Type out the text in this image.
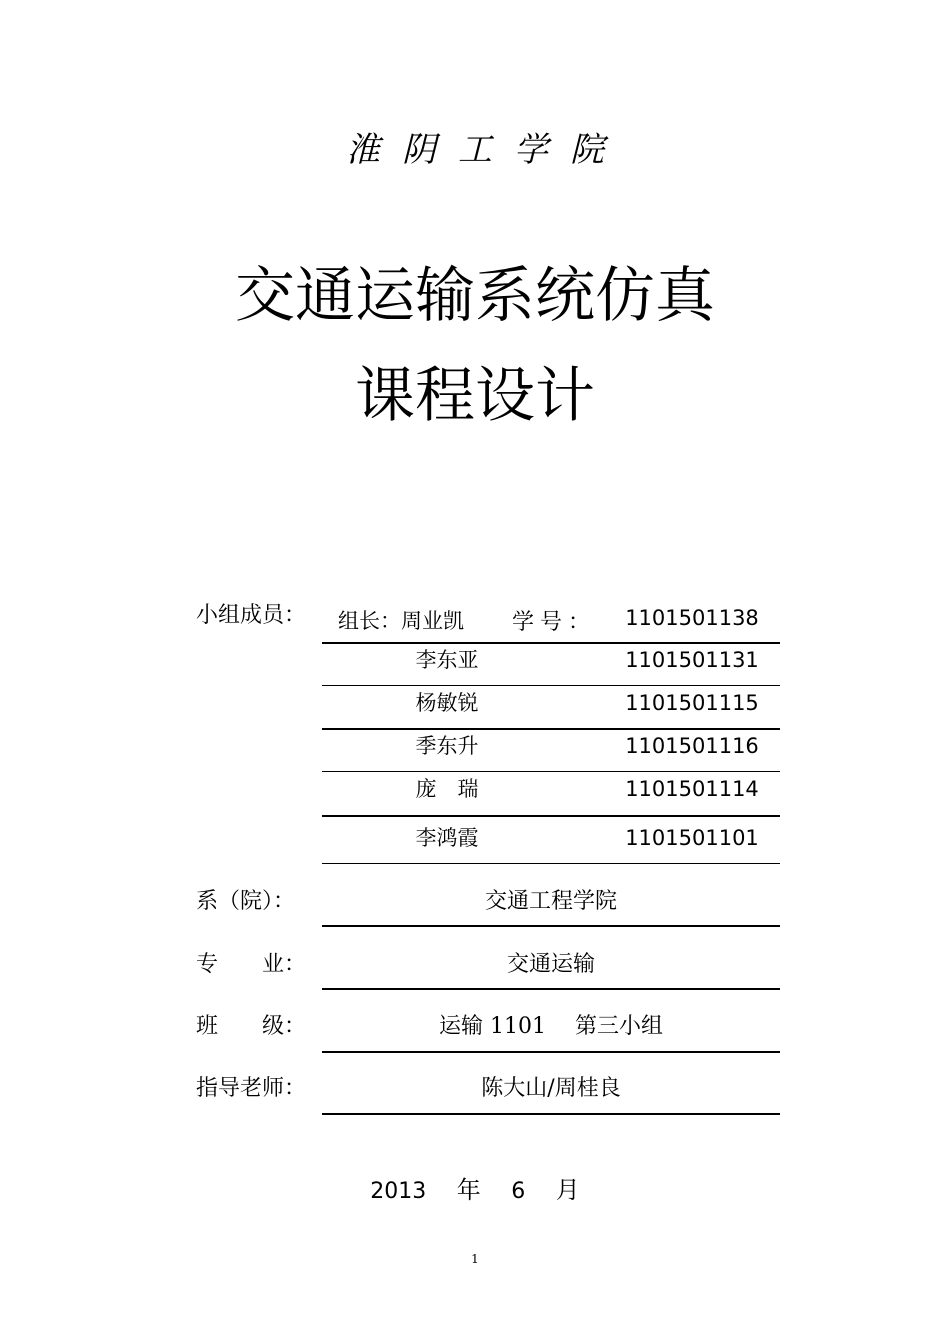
淮阴工学院
交通运输系统仿真
课程设计
小组成员： 组长：周业凯 学号：	1101501138
李东亚	1101501131
杨敏锐	1101501115
季东升	1101501116
庞　瑞	1101501114
李鸿霞	1101501101
系（院）：	交通工程学院
专　　业：	交通运输
班　　级：	运输 1101　 第三小组
指导老师：	陈大山/周桂良
2013 年 6 月
1
